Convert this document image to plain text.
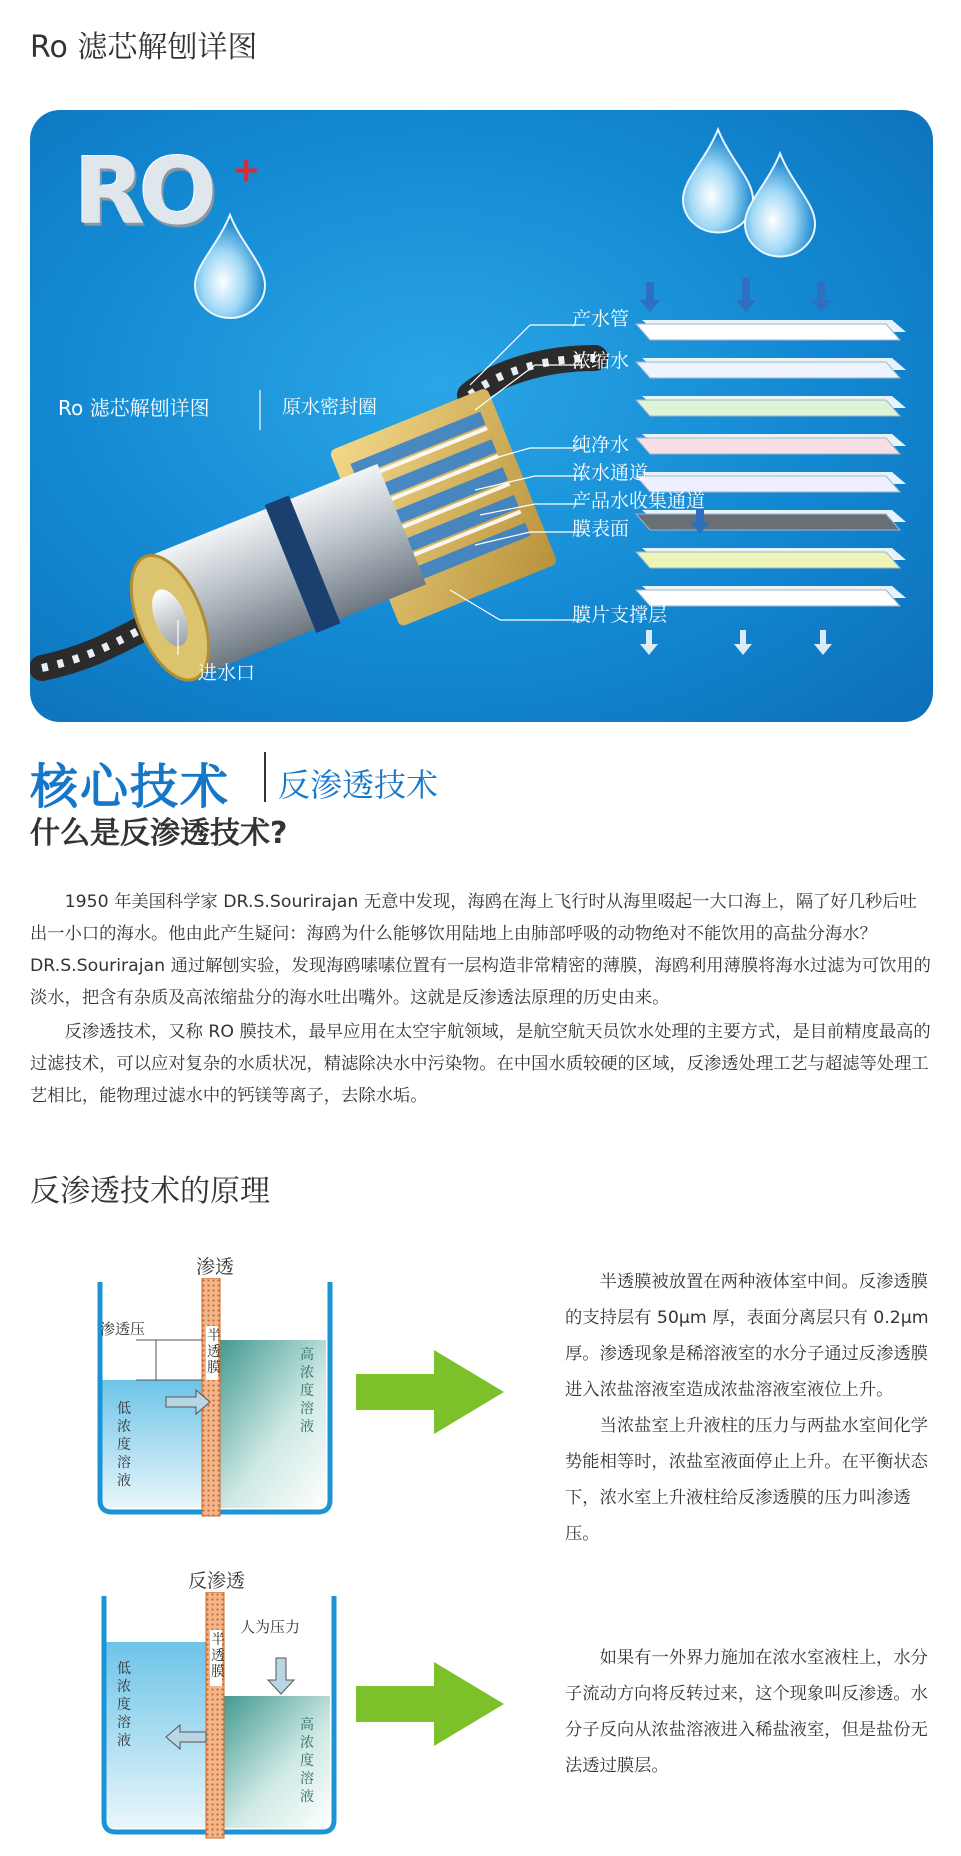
Ro 滤芯解刨详图
RO +
Ro 滤芯解刨详图	原水密封圈
产水管
浓缩水
纯净水
浓水通道
产品水收集通道
膜表面
膜片支撑层
进水口
核心技术 反渗透技术
什么是反渗透技术?

1950 年美国科学家 DR.S.Sourirajan 无意中发现，海鸥在海上飞行时从海里啜起一大口海上，隔了好几秒后吐出一小口的海水。他由此产生疑问：海鸥为什么能够饮用陆地上由肺部呼吸的动物绝对不能饮用的高盐分海水？ DR.S.Sourirajan 通过解刨实验，发现海鸥嗉嗉位置有一层构造非常精密的薄膜，海鸥利用薄膜将海水过滤为可饮用的淡水，把含有杂质及高浓缩盐分的海水吐出嘴外。这就是反渗透法原理的历史由来。

反渗透技术，又称 RO 膜技术，最早应用在太空宇航领域，是航空航天员饮水处理的主要方式，是目前精度最高的过滤技术，可以应对复杂的水质状况，精滤除决水中污染物。在中国水质较硬的区域，反渗透处理工艺与超滤等处理工艺相比，能物理过滤水中的钙镁等离子，去除水垢。

反渗透技术的原理
渗透
渗透压	半
透
膜
低
浓
度
溶
液
高
浓
度
溶
液

半透膜被放置在两种液体室中间。反渗透膜的支持层有 50μm 厚，表面分离层只有 0.2μm 厚。渗透现象是稀溶液室的水分子通过反渗透膜进入浓盐溶液室造成浓盐溶液室液位上升。

当浓盐室上升液柱的压力与两盐水室间化学势能相等时，浓盐室液面停止上升。在平衡状态下，浓水室上升液柱给反渗透膜的压力叫渗透压。

反渗透
人为压力
半
透
膜
低
浓
度
溶
液
高
浓
度
溶
液

如果有一外界力施加在浓水室液柱上，水分子流动方向将反转过来，这个现象叫反渗透。水分子反向从浓盐溶液进入稀盐液室，但是盐份无法透过膜层。
